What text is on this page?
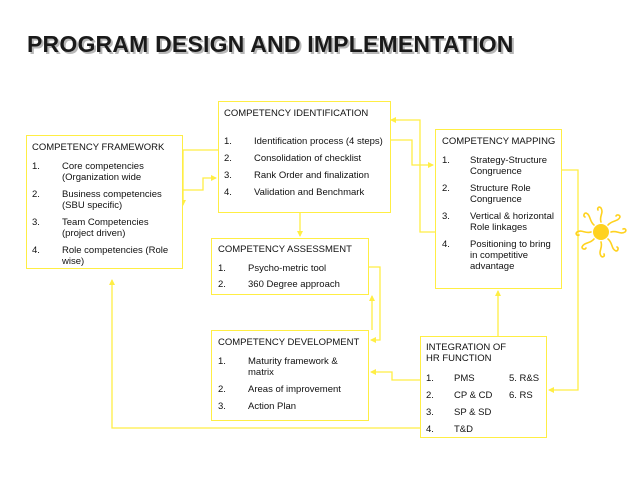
PROGRAM DESIGN AND IMPLEMENTATION
COMPETENCY FRAMEWORK
1.	Core competencies (Organization wide
2.	Business competencies (SBU specific)
3.	Team Competencies (project driven)
4.	Role competencies (Role wise)
COMPETENCY IDENTIFICATION
1.	Identification process (4 steps)
2.	Consolidation of checklist
3.	Rank Order and finalization
4.	Validation and Benchmark
COMPETENCY ASSESSMENT
1.	Psycho-metric tool
2.	360 Degree approach
COMPETENCY MAPPING
1.	Strategy-Structure Congruence
2.	Structure Role Congruence
3.	Vertical & horizontal Role linkages
4.	Positioning to bring in competitive advantage
COMPETENCY DEVELOPMENT
1.	Maturity framework & matrix
2.	Areas of improvement
3.	Action Plan
INTEGRATION OF HR FUNCTION
1.	PMS	5. R&S
2.	CP & CD	6. RS
3.	SP & SD
4.	T&D
